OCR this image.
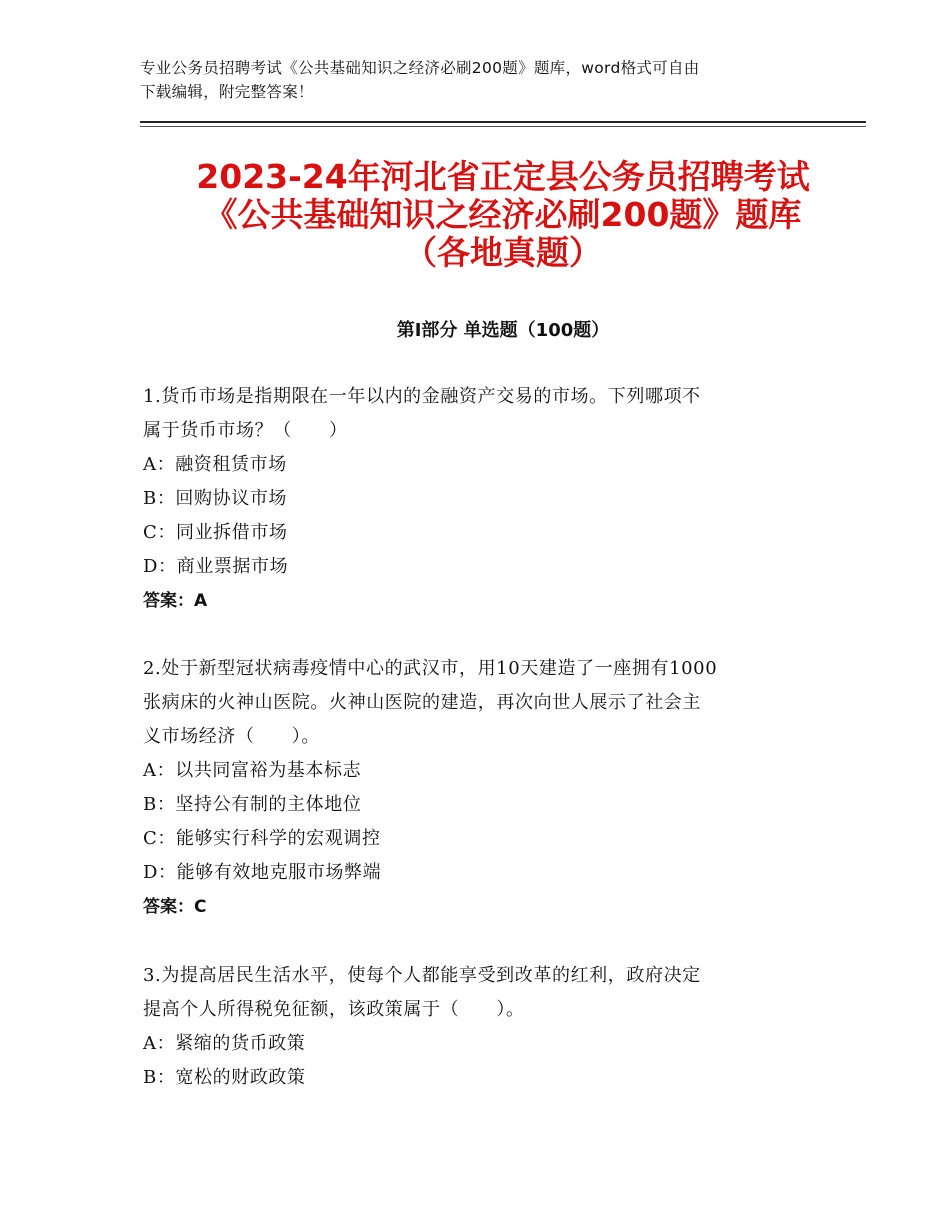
专业公务员招聘考试《公共基础知识之经济必刷200题》题库，word格式可自由
下载编辑，附完整答案！
2023-24年河北省正定县公务员招聘考试
《公共基础知识之经济必刷200题》题库
（各地真题）
第Ⅰ部分 单选题（100题）

1.货币市场是指期限在一年以内的金融资产交易的市场。下列哪项不

属于货币市场？（　　）

A：融资租赁市场

B：回购协议市场

C：同业拆借市场

D：商业票据市场

答案：A

2.处于新型冠状病毒疫情中心的武汉市，用10天建造了一座拥有1000

张病床的火神山医院。火神山医院的建造，再次向世人展示了社会主

义市场经济（　　）。

A：以共同富裕为基本标志

B：坚持公有制的主体地位

C：能够实行科学的宏观调控

D：能够有效地克服市场弊端

答案：C

3.为提高居民生活水平，使每个人都能享受到改革的红利，政府决定

提高个人所得税免征额，该政策属于（　　）。

A：紧缩的货币政策

B：宽松的财政政策
